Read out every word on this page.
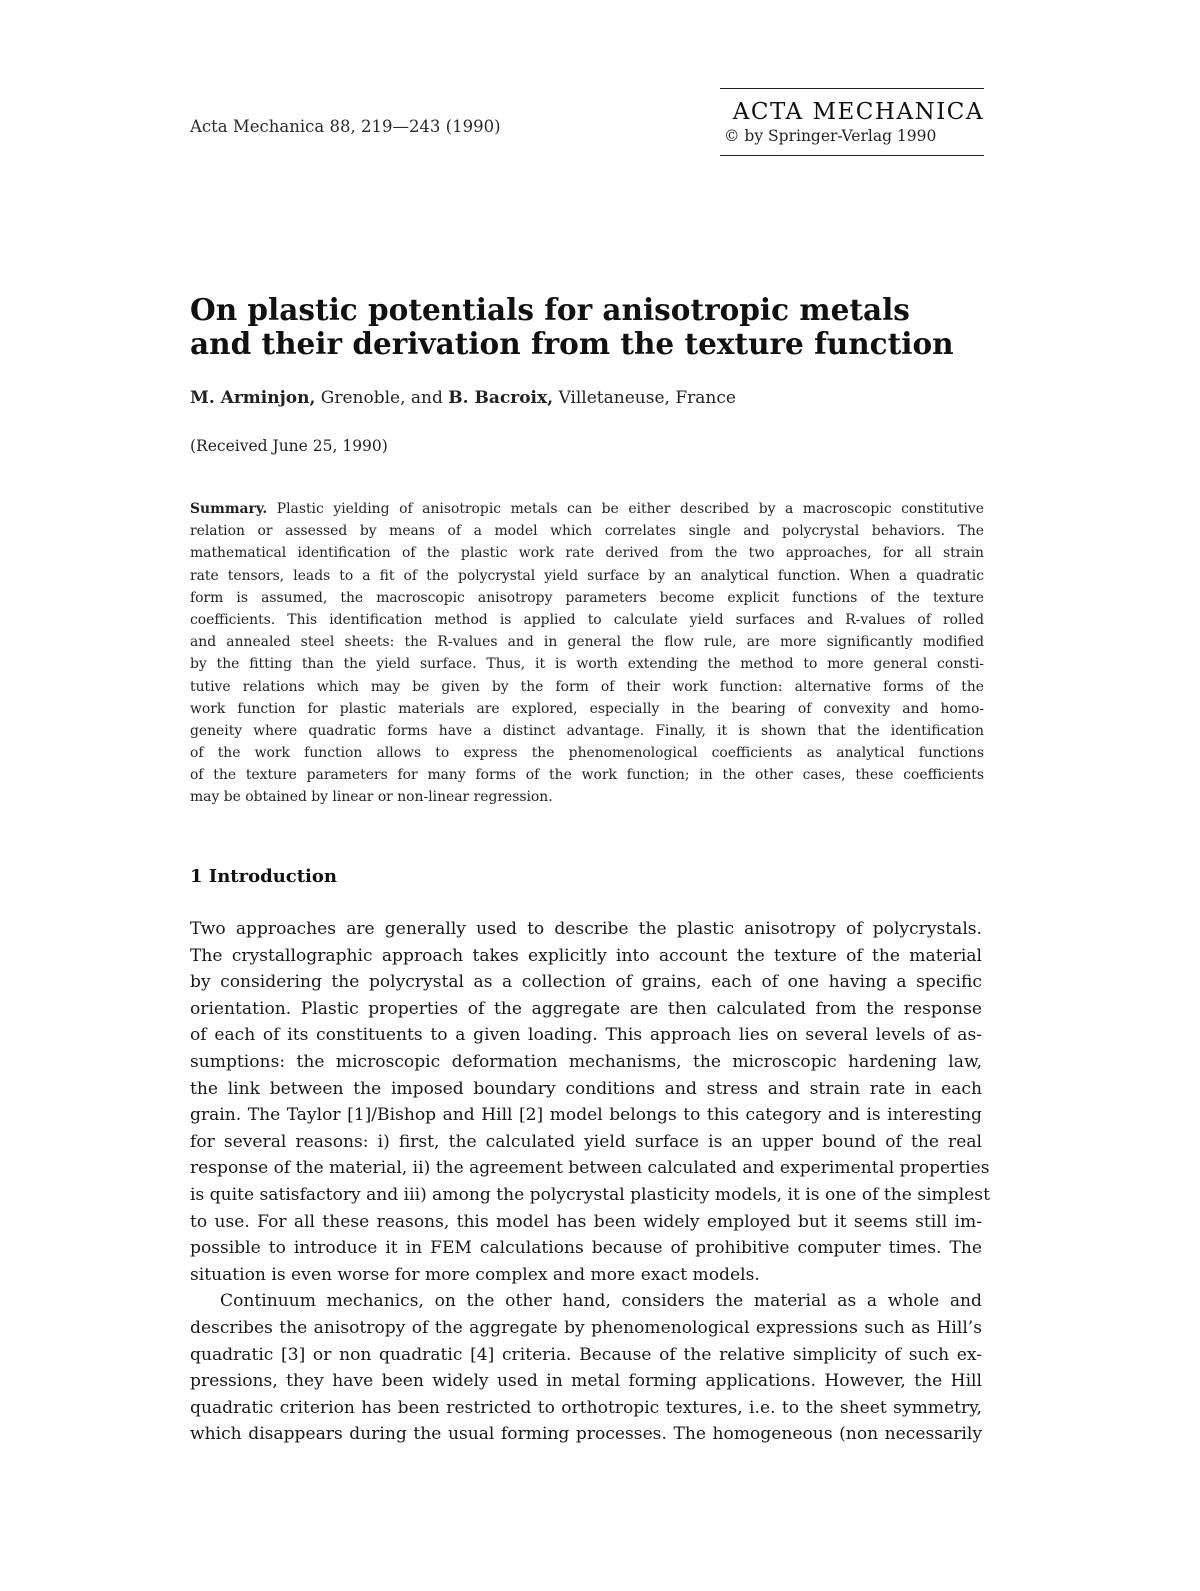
Acta Mechanica 88, 219—243 (1990)
ACTA MECHANICA
© by Springer-Verlag 1990
On plastic potentials for anisotropic metals
and their derivation from the texture function
M. Arminjon, Grenoble, and B. Bacroix, Villetaneuse, France
(Received June 25, 1990)
Summary. Plastic yielding of anisotropic metals can be either described by a macroscopic constitutive
relation or assessed by means of a model which correlates single and polycrystal behaviors. The
mathematical identification of the plastic work rate derived from the two approaches, for all strain
rate tensors, leads to a fit of the polycrystal yield surface by an analytical function. When a quadratic
form is assumed, the macroscopic anisotropy parameters become explicit functions of the texture
coefficients. This identification method is applied to calculate yield surfaces and R-values of rolled
and annealed steel sheets: the R-values and in general the flow rule, are more significantly modified
by the fitting than the yield surface. Thus, it is worth extending the method to more general consti-
tutive relations which may be given by the form of their work function: alternative forms of the
work function for plastic materials are explored, especially in the bearing of convexity and homo-
geneity where quadratic forms have a distinct advantage. Finally, it is shown that the identification
of the work function allows to express the phenomenological coefficients as analytical functions
of the texture parameters for many forms of the work function; in the other cases, these coefficients
may be obtained by linear or non-linear regression.
1 Introduction
Two approaches are generally used to describe the plastic anisotropy of polycrystals.
The crystallographic approach takes explicitly into account the texture of the material
by considering the polycrystal as a collection of grains, each of one having a specific
orientation. Plastic properties of the aggregate are then calculated from the response
of each of its constituents to a given loading. This approach lies on several levels of as-
sumptions: the microscopic deformation mechanisms, the microscopic hardening law,
the link between the imposed boundary conditions and stress and strain rate in each
grain. The Taylor [1]/Bishop and Hill [2] model belongs to this category and is interesting
for several reasons: i) first, the calculated yield surface is an upper bound of the real
response of the material, ii) the agreement between calculated and experimental properties
is quite satisfactory and iii) among the polycrystal plasticity models, it is one of the simplest
to use. For all these reasons, this model has been widely employed but it seems still im-
possible to introduce it in FEM calculations because of prohibitive computer times. The
situation is even worse for more complex and more exact models.
Continuum mechanics, on the other hand, considers the material as a whole and
describes the anisotropy of the aggregate by phenomenological expressions such as Hill’s
quadratic [3] or non quadratic [4] criteria. Because of the relative simplicity of such ex-
pressions, they have been widely used in metal forming applications. However, the Hill
quadratic criterion has been restricted to orthotropic textures, i.e. to the sheet symmetry,
which disappears during the usual forming processes. The homogeneous (non necessarily
